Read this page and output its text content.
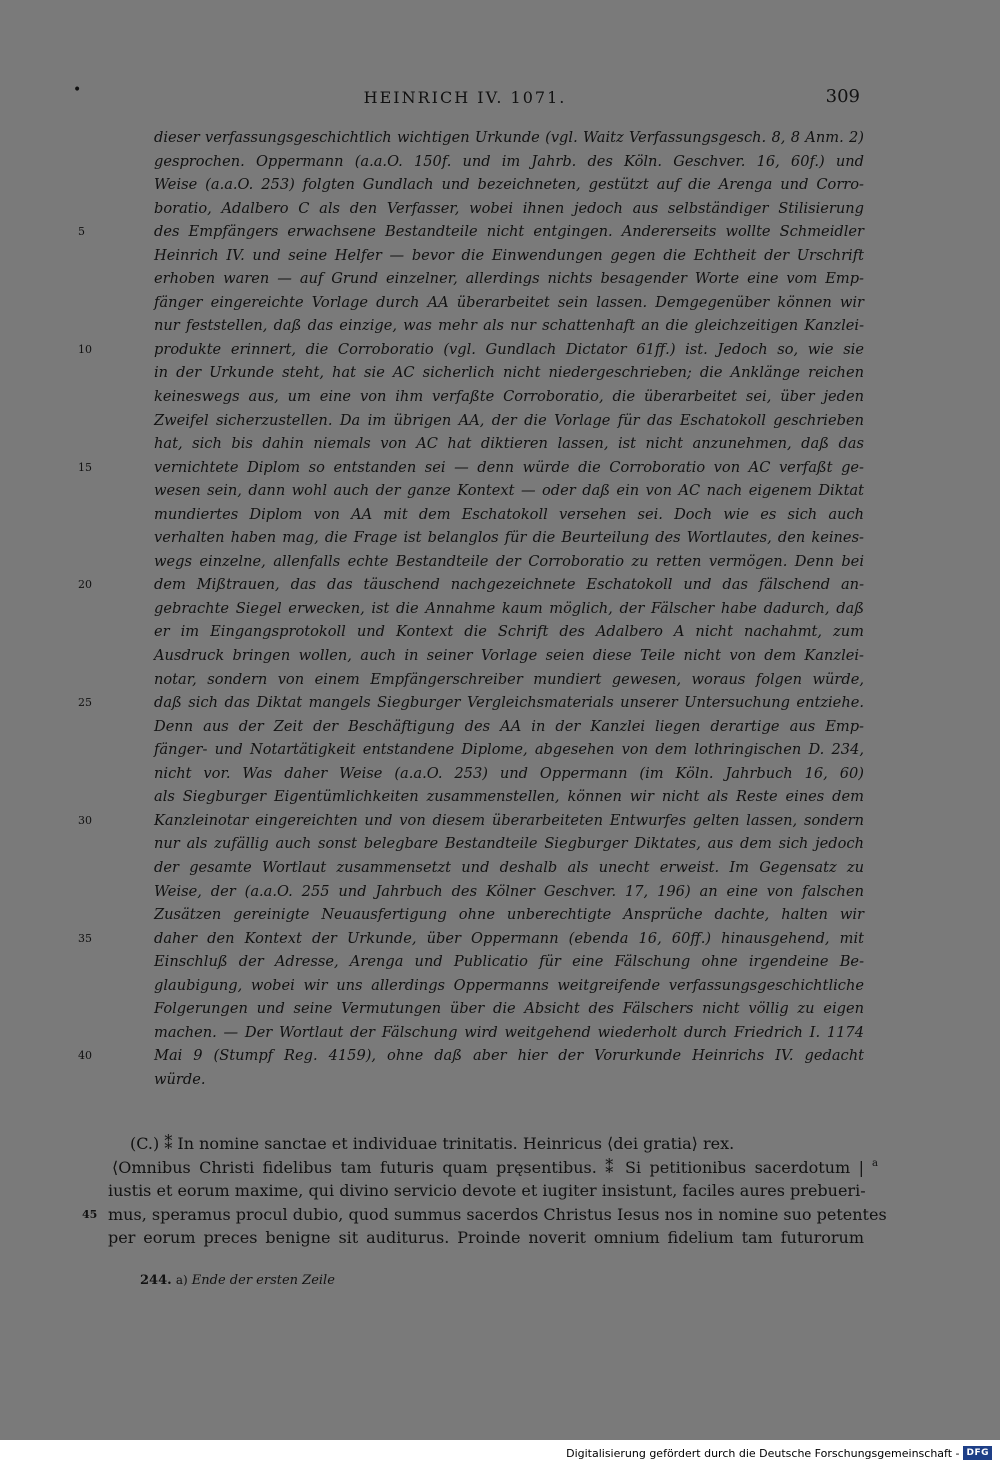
•	HEINRICH IV. 1071.	309
dieser verfassungsgeschichtlich wichtigen Urkunde (vgl. Waitz Verfassungsgesch. 8, 8 Anm. 2)
gesprochen. Oppermann (a.a.O. 150f. und im Jahrb. des Köln. Geschver. 16, 60f.) und
Weise (a.a.O. 253) folgten Gundlach und bezeichneten, gestützt auf die Arenga und Corro-
boratio, Adalbero C als den Verfasser, wobei ihnen jedoch aus selbständiger Stilisierung
des Empfängers erwachsene Bestandteile nicht entgingen. Andererseits wollte Schmeidler
5
Heinrich IV. und seine Helfer — bevor die Einwendungen gegen die Echtheit der Urschrift
erhoben waren — auf Grund einzelner, allerdings nichts besagender Worte eine vom Emp-
fänger eingereichte Vorlage durch AA überarbeitet sein lassen. Demgegenüber können wir
nur feststellen, daß das einzige, was mehr als nur schattenhaft an die gleichzeitigen Kanzlei-
produkte erinnert, die Corroboratio (vgl. Gundlach Dictator 61ff.) ist. Jedoch so, wie sie
10
in der Urkunde steht, hat sie AC sicherlich nicht niedergeschrieben; die Anklänge reichen
keineswegs aus, um eine von ihm verfaßte Corroboratio, die überarbeitet sei, über jeden
Zweifel sicherzustellen. Da im übrigen AA, der die Vorlage für das Eschatokoll geschrieben
hat, sich bis dahin niemals von AC hat diktieren lassen, ist nicht anzunehmen, daß das
vernichtete Diplom so entstanden sei — denn würde die Corroboratio von AC verfaßt ge-
15
wesen sein, dann wohl auch der ganze Kontext — oder daß ein von AC nach eigenem Diktat
mundiertes Diplom von AA mit dem Eschatokoll versehen sei. Doch wie es sich auch
verhalten haben mag, die Frage ist belanglos für die Beurteilung des Wortlautes, den keines-
wegs einzelne, allenfalls echte Bestandteile der Corroboratio zu retten vermögen. Denn bei
dem Mißtrauen, das das täuschend nachgezeichnete Eschatokoll und das fälschend an-
20
gebrachte Siegel erwecken, ist die Annahme kaum möglich, der Fälscher habe dadurch, daß
er im Eingangsprotokoll und Kontext die Schrift des Adalbero A nicht nachahmt, zum
Ausdruck bringen wollen, auch in seiner Vorlage seien diese Teile nicht von dem Kanzlei-
notar, sondern von einem Empfängerschreiber mundiert gewesen, woraus folgen würde,
daß sich das Diktat mangels Siegburger Vergleichsmaterials unserer Untersuchung entziehe.
25
Denn aus der Zeit der Beschäftigung des AA in der Kanzlei liegen derartige aus Emp-
fänger- und Notartätigkeit entstandene Diplome, abgesehen von dem lothringischen D. 234,
nicht vor. Was daher Weise (a.a.O. 253) und Oppermann (im Köln. Jahrbuch 16, 60)
als Siegburger Eigentümlichkeiten zusammenstellen, können wir nicht als Reste eines dem
Kanzleinotar eingereichten und von diesem überarbeiteten Entwurfes gelten lassen, sondern
30
nur als zufällig auch sonst belegbare Bestandteile Siegburger Diktates, aus dem sich jedoch
der gesamte Wortlaut zusammensetzt und deshalb als unecht erweist. Im Gegensatz zu
Weise, der (a.a.O. 255 und Jahrbuch des Kölner Geschver. 17, 196) an eine von falschen
Zusätzen gereinigte Neuausfertigung ohne unberechtigte Ansprüche dachte, halten wir
daher den Kontext der Urkunde, über Oppermann (ebenda 16, 60ff.) hinausgehend, mit
35
Einschluß der Adresse, Arenga und Publicatio für eine Fälschung ohne irgendeine Be-
glaubigung, wobei wir uns allerdings Oppermanns weitgreifende verfassungsgeschichtliche
Folgerungen und seine Vermutungen über die Absicht des Fälschers nicht völlig zu eigen
machen. — Der Wortlaut der Fälschung wird weitgehend wiederholt durch Friedrich I. 1174
Mai 9 (Stumpf Reg. 4159), ohne daß aber hier der Vorurkunde Heinrichs IV. gedacht
40
würde.
(C.) ⁑ In nomine sanctae et individuae trinitatis. Heinricus ⟨dei gratia⟩ rex.
⟨Omnibus Christi fidelibus tam futuris quam pręsentibus. ⁑ Si petitionibus sacerdotum | a
iustis et eorum maxime, qui divino servicio devote et iugiter insistunt, faciles aures prebueri-
45 mus, speramus procul dubio, quod summus sacerdos Christus Iesus nos in nomine suo petentes
per eorum preces benigne sit auditurus. Proinde noverit omnium fidelium tam futurorum
244. a) Ende der ersten Zeile
Digitalisierung gefördert durch die Deutsche Forschungsgemeinschaft - DFG
